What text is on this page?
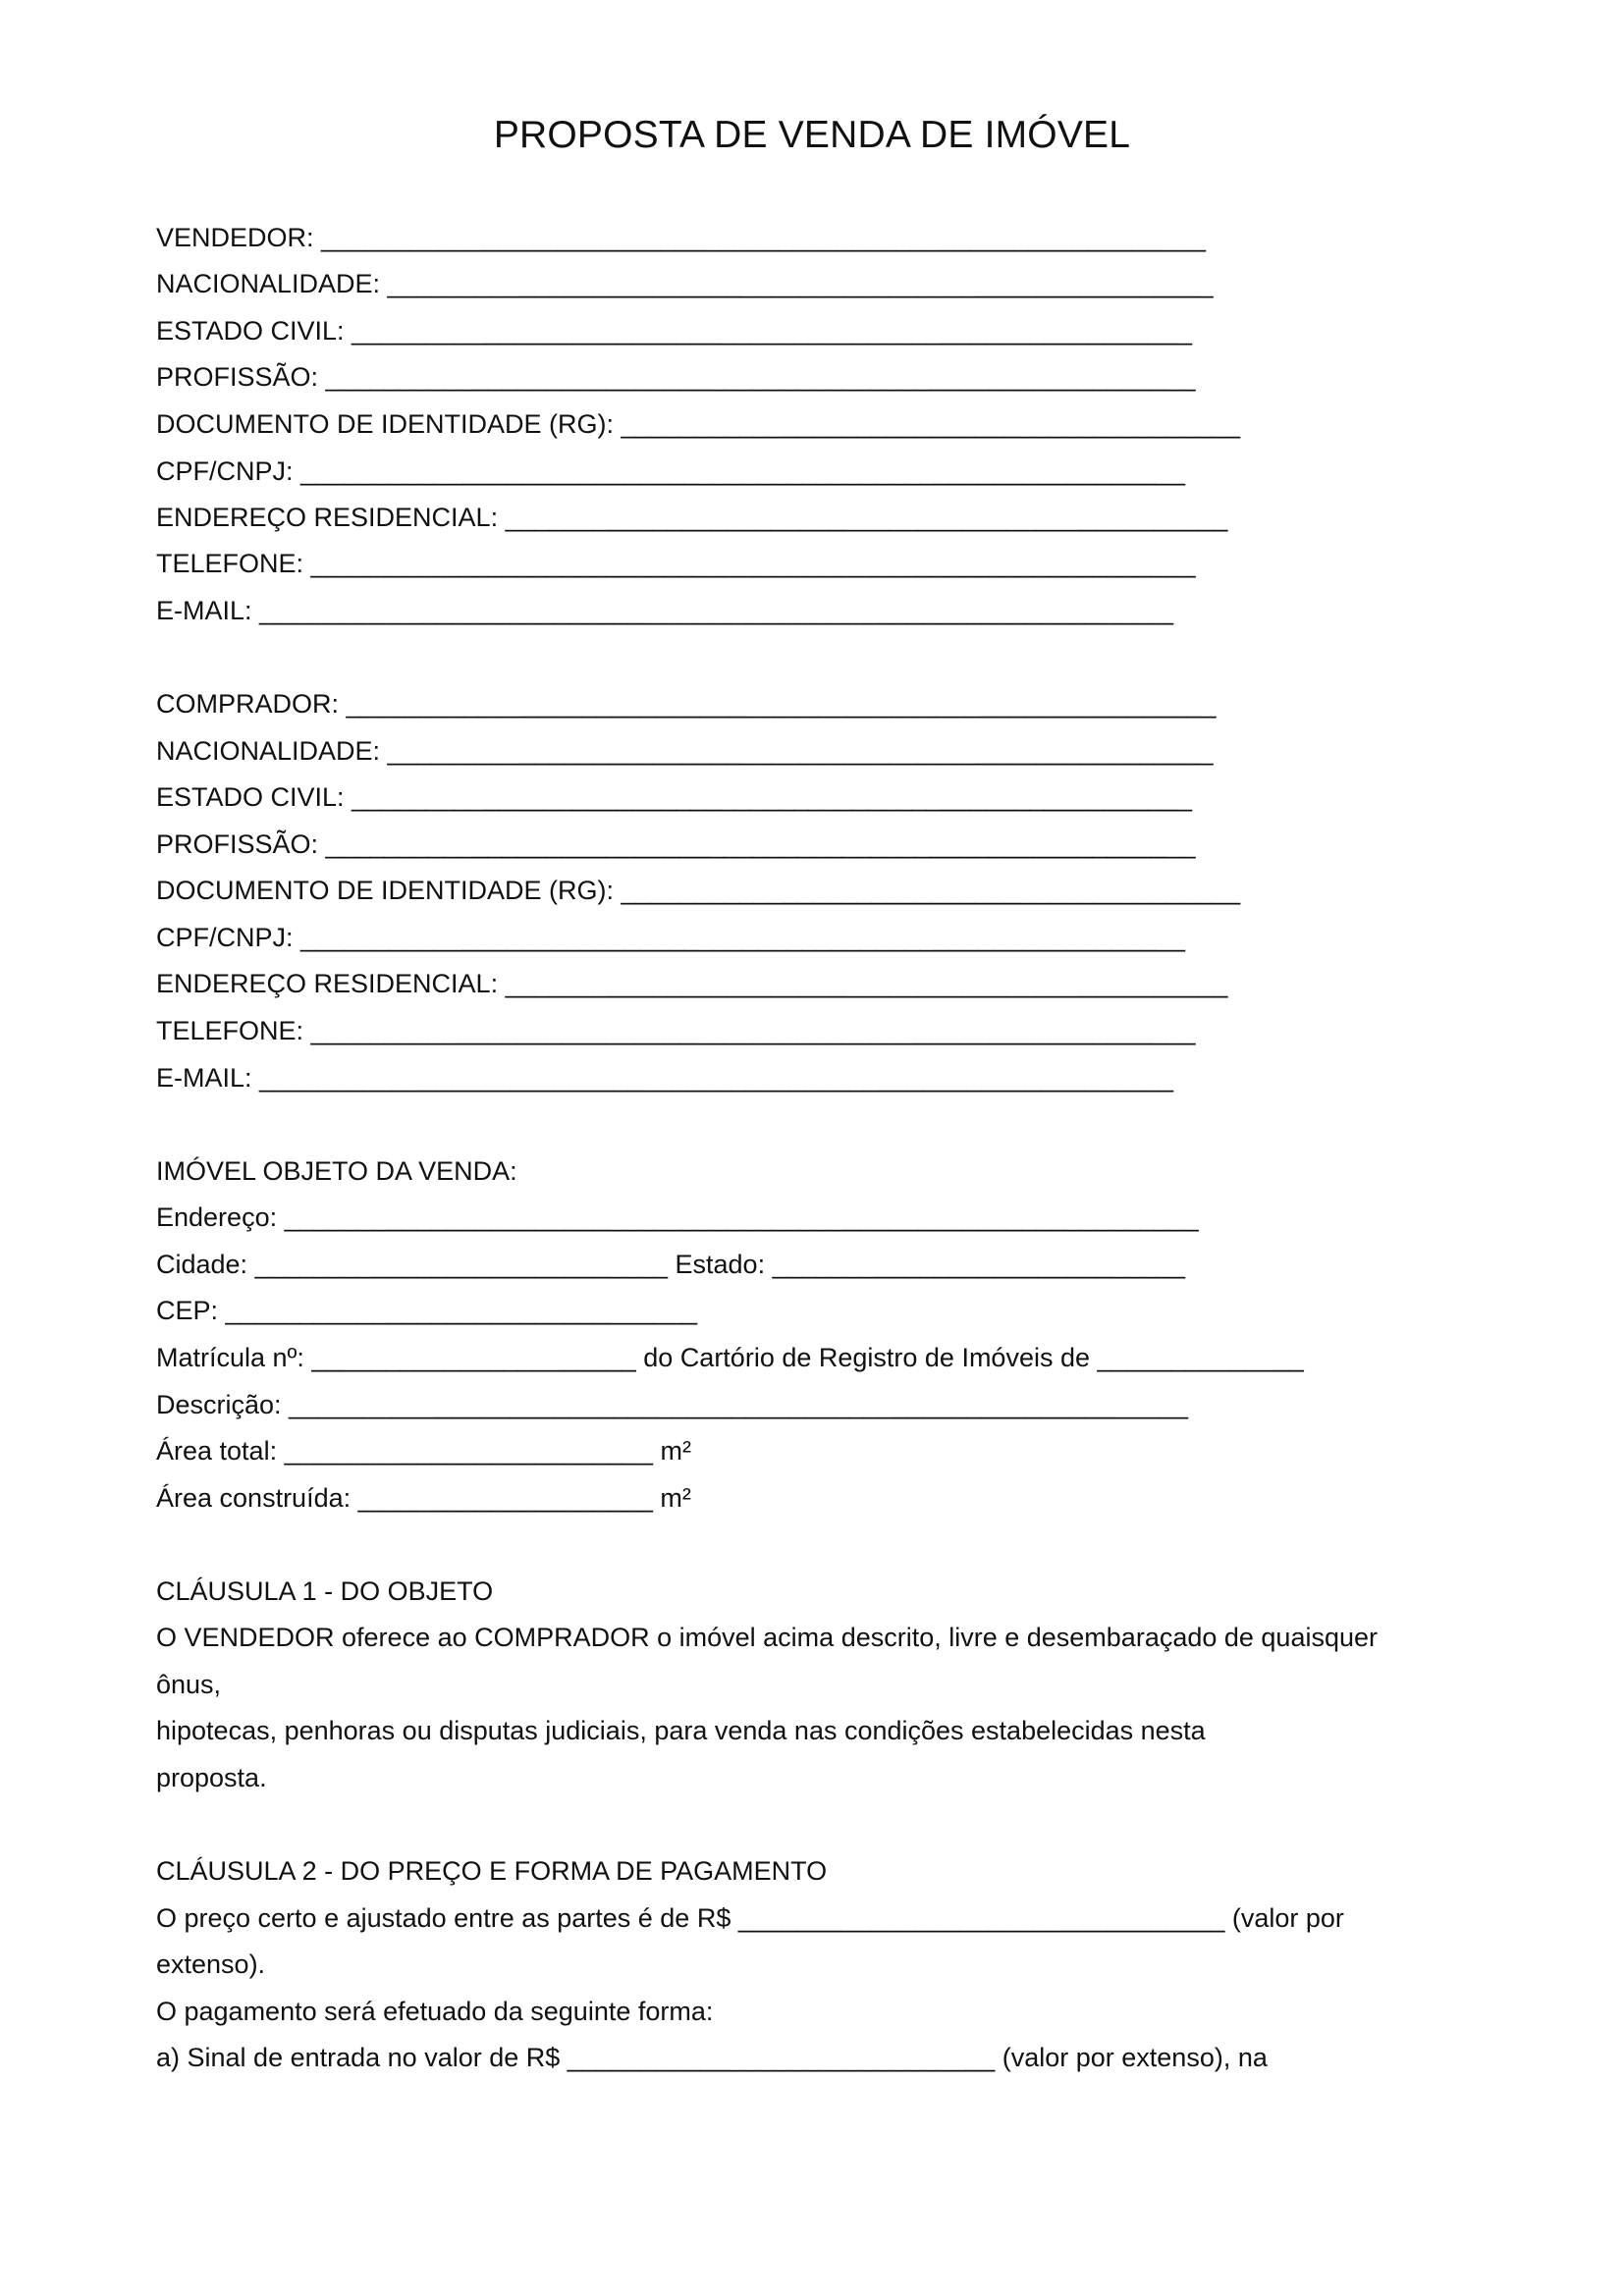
PROPOSTA DE VENDA DE IMÓVEL
VENDEDOR: ____________________________________________________________
NACIONALIDADE: ________________________________________________________
ESTADO CIVIL: _________________________________________________________
PROFISSÃO: ___________________________________________________________
DOCUMENTO DE IDENTIDADE (RG): __________________________________________
CPF/CNPJ: ____________________________________________________________
ENDEREÇO RESIDENCIAL: _________________________________________________
TELEFONE: ____________________________________________________________
E-MAIL: ______________________________________________________________
COMPRADOR: ___________________________________________________________
NACIONALIDADE: ________________________________________________________
ESTADO CIVIL: _________________________________________________________
PROFISSÃO: ___________________________________________________________
DOCUMENTO DE IDENTIDADE (RG): __________________________________________
CPF/CNPJ: ____________________________________________________________
ENDEREÇO RESIDENCIAL: _________________________________________________
TELEFONE: ____________________________________________________________
E-MAIL: ______________________________________________________________
IMÓVEL OBJETO DA VENDA:
Endereço: ______________________________________________________________
Cidade: ____________________________ Estado: ____________________________
CEP: ________________________________
Matrícula nº: ______________________ do Cartório de Registro de Imóveis de ______________
Descrição: _____________________________________________________________
Área total: _________________________ m²
Área construída: ____________________ m²
CLÁUSULA 1 - DO OBJETO
O VENDEDOR oferece ao COMPRADOR o imóvel acima descrito, livre e desembaraçado de quaisquer
ônus,
hipotecas, penhoras ou disputas judiciais, para venda nas condições estabelecidas nesta
proposta.
CLÁUSULA 2 - DO PREÇO E FORMA DE PAGAMENTO
O preço certo e ajustado entre as partes é de R$ _________________________________ (valor por
extenso).
O pagamento será efetuado da seguinte forma:
a) Sinal de entrada no valor de R$ _____________________________ (valor por extenso), na
